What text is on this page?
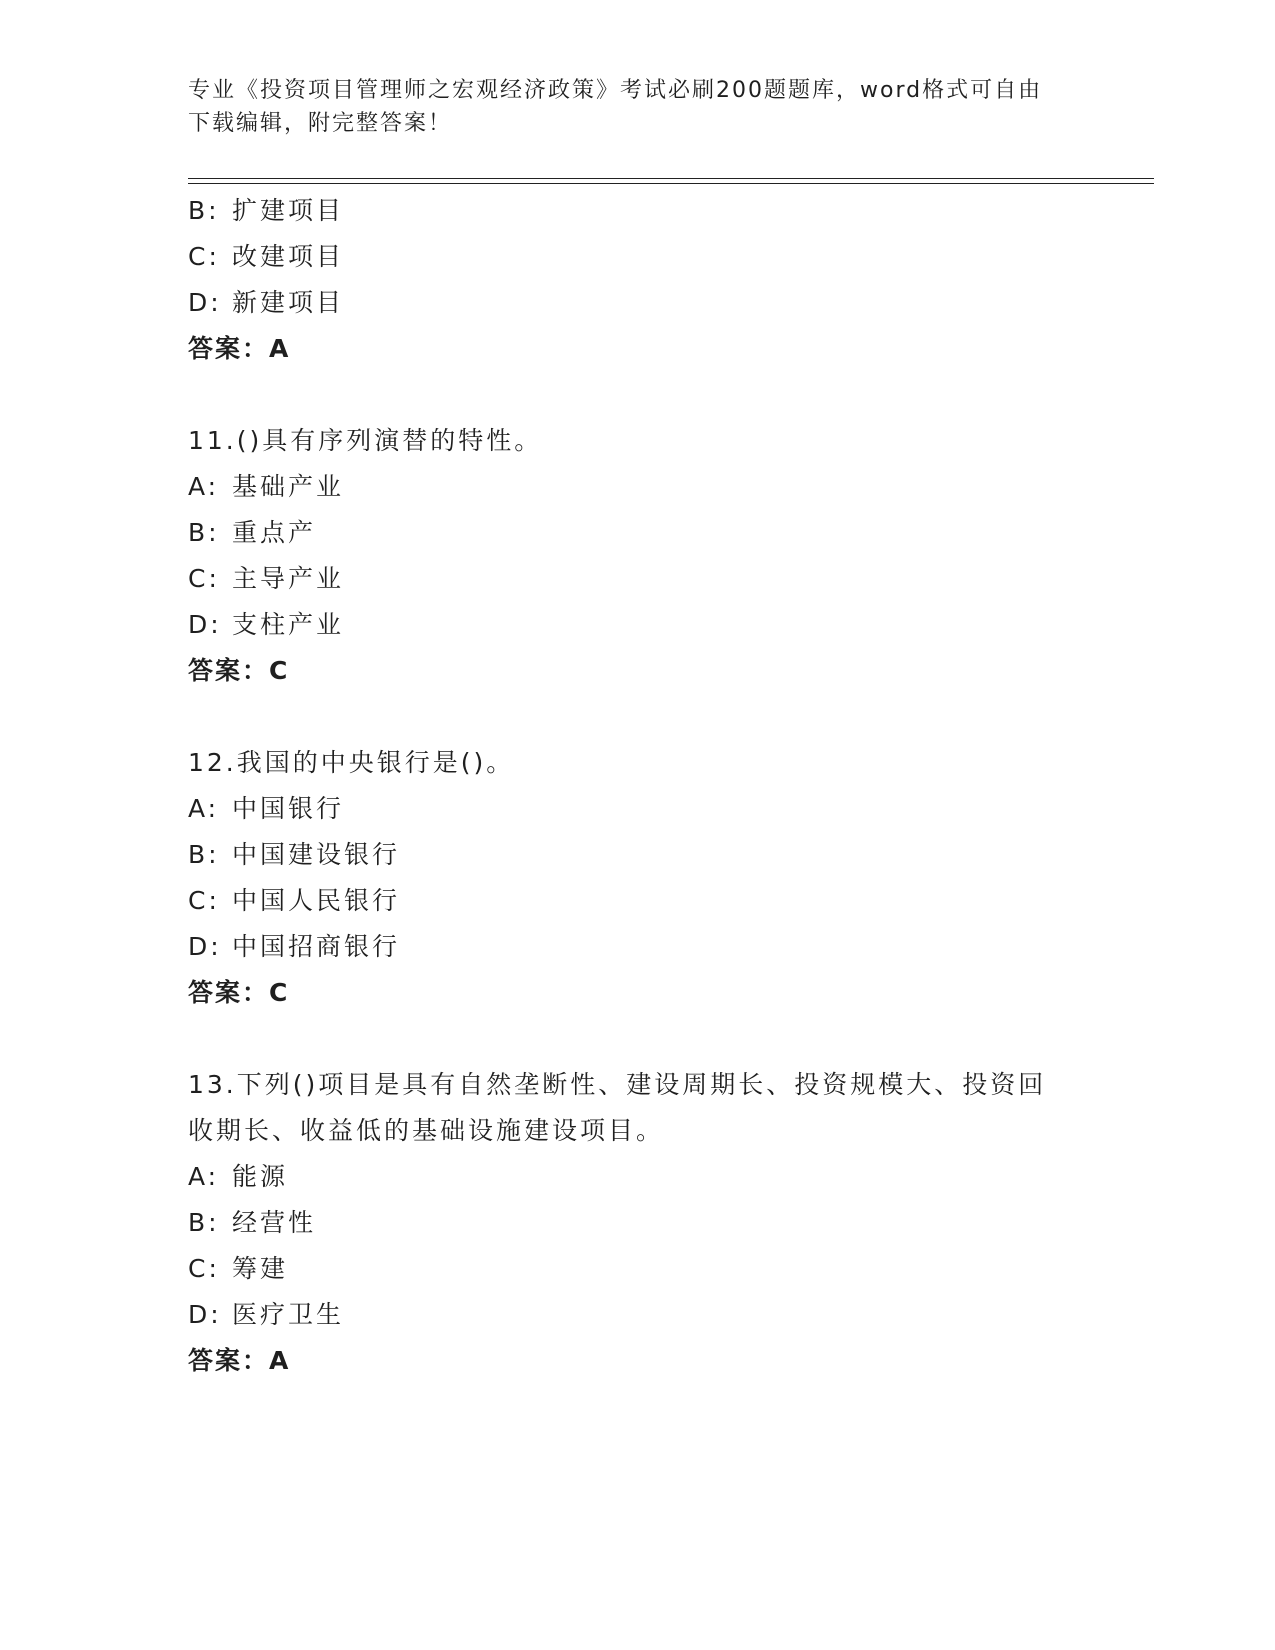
专业《投资项目管理师之宏观经济政策》考试必刷200题题库，word格式可自由
下载编辑，附完整答案！
B: 扩建项目
C: 改建项目
D: 新建项目
答案：A
11.()具有序列演替的特性。
A: 基础产业
B: 重点产
C: 主导产业
D: 支柱产业
答案：C
12.我国的中央银行是()。
A: 中国银行
B: 中国建设银行
C: 中国人民银行
D: 中国招商银行
答案：C
13.下列()项目是具有自然垄断性、建设周期长、投资规模大、投资回
收期长、收益低的基础设施建设项目。
A: 能源
B: 经营性
C: 筹建
D: 医疗卫生
答案：A
